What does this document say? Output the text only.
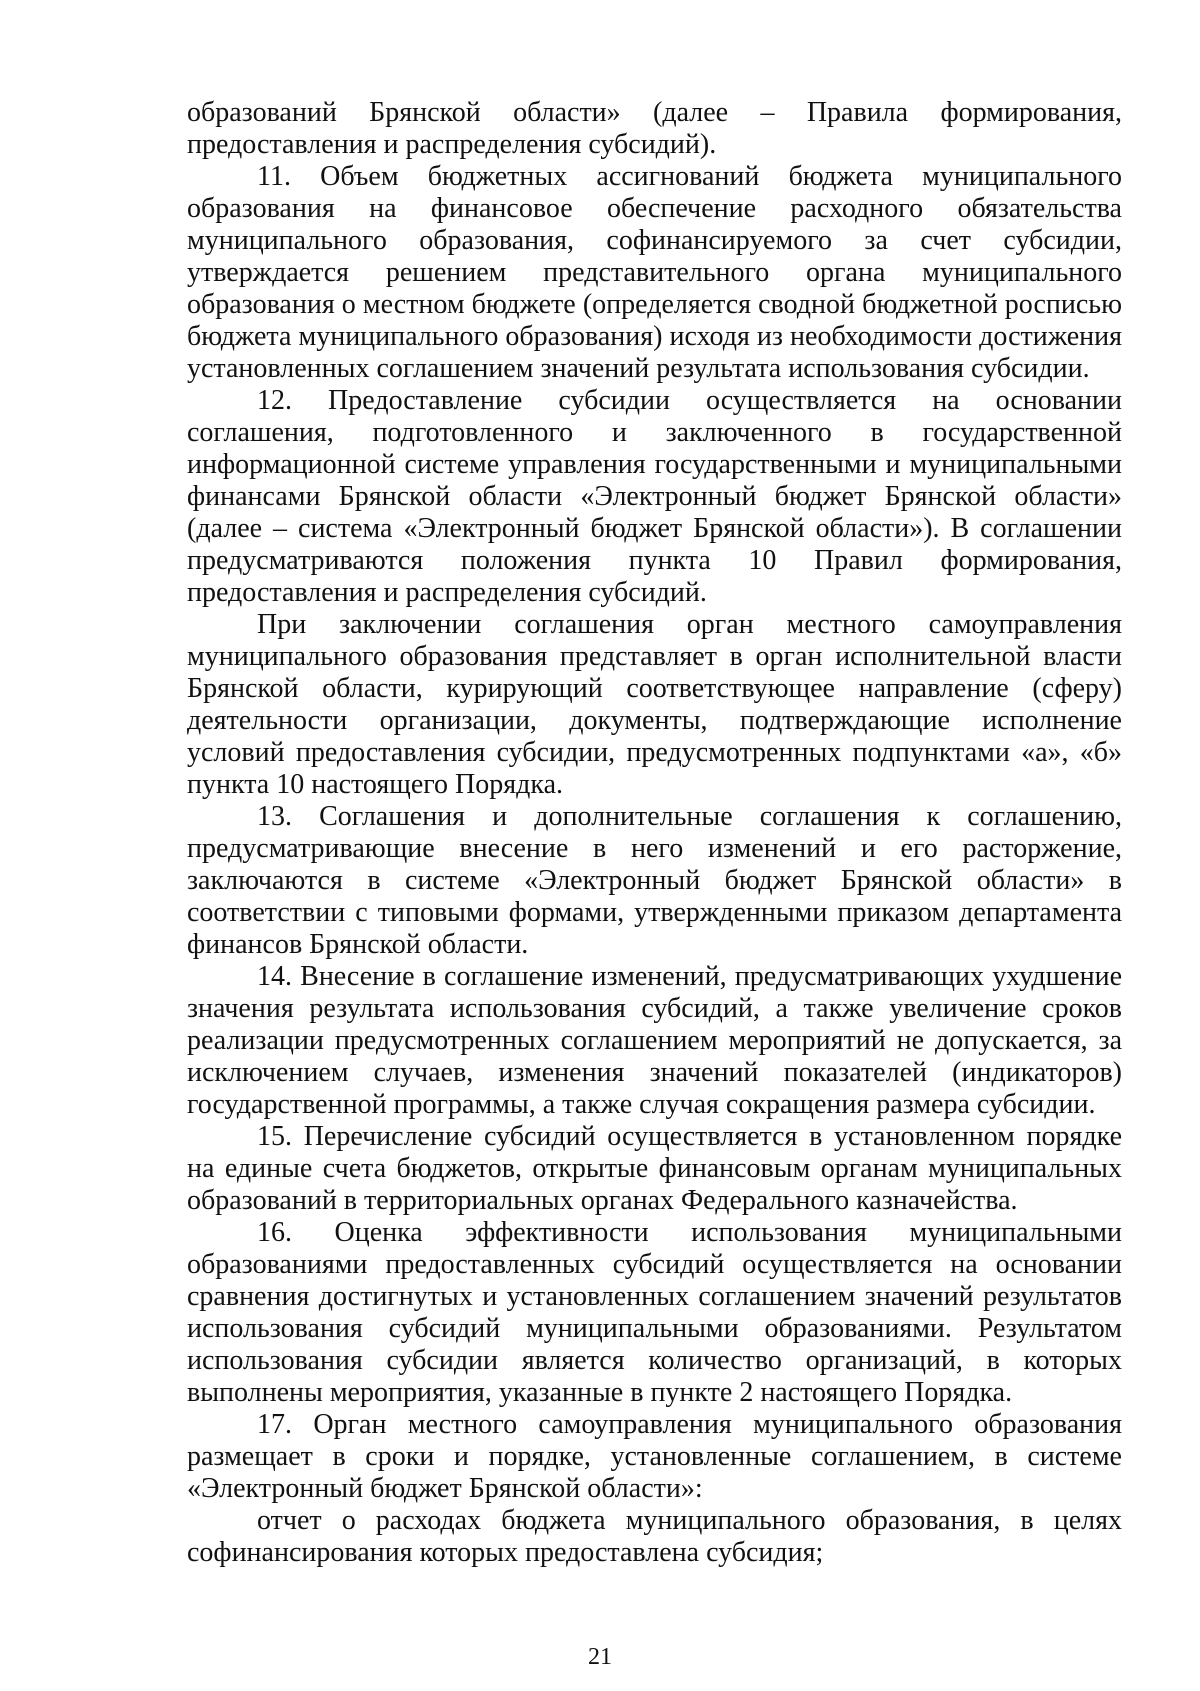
образований Брянской области» (далее – Правила формирования, предоставления и распределения субсидий).

11. Объем бюджетных ассигнований бюджета муниципального образования на финансовое обеспечение расходного обязательства муниципального образования, софинансируемого за счет субсидии, утверждается решением представительного органа муниципального образования о местном бюджете (определяется сводной бюджетной росписью бюджета муниципального образования) исходя из необходимости достижения установленных соглашением значений результата использования субсидии.

12. Предоставление субсидии осуществляется на основании соглашения, подготовленного и заключенного в государственной информационной системе управления государственными и муниципальными финансами Брянской области «Электронный бюджет Брянской области» (далее – система «Электронный бюджет Брянской области»). В соглашении предусматриваются положения пункта 10 Правил формирования, предоставления и распределения субсидий.

При заключении соглашения орган местного самоуправления муниципального образования представляет в орган исполнительной власти Брянской области, курирующий соответствующее направление (сферу) деятельности организации, документы, подтверждающие исполнение условий предоставления субсидии, предусмотренных подпунктами «а», «б» пункта 10 настоящего Порядка.

13. Соглашения и дополнительные соглашения к соглашению, предусматривающие внесение в него изменений и его расторжение, заключаются в системе «Электронный бюджет Брянской области» в соответствии с типовыми формами, утвержденными приказом департамента финансов Брянской области.

14. Внесение в соглашение изменений, предусматривающих ухудшение значения результата использования субсидий, а также увеличение сроков реализации предусмотренных соглашением мероприятий не допускается, за исключением случаев, изменения значений показателей (индикаторов) государственной программы, а также случая сокращения размера субсидии.

15. Перечисление субсидий осуществляется в установленном порядке на единые счета бюджетов, открытые финансовым органам муниципальных образований в территориальных органах Федерального казначейства.

16. Оценка эффективности использования муниципальными образованиями предоставленных субсидий осуществляется на основании сравнения достигнутых и установленных соглашением значений результатов использования субсидий муниципальными образованиями. Результатом использования субсидии является количество организаций, в которых выполнены мероприятия, указанные в пункте 2 настоящего Порядка.

17. Орган местного самоуправления муниципального образования размещает в сроки и порядке, установленные соглашением, в системе «Электронный бюджет Брянской области»:

отчет о расходах бюджета муниципального образования, в целях софинансирования которых предоставлена субсидия;

21
